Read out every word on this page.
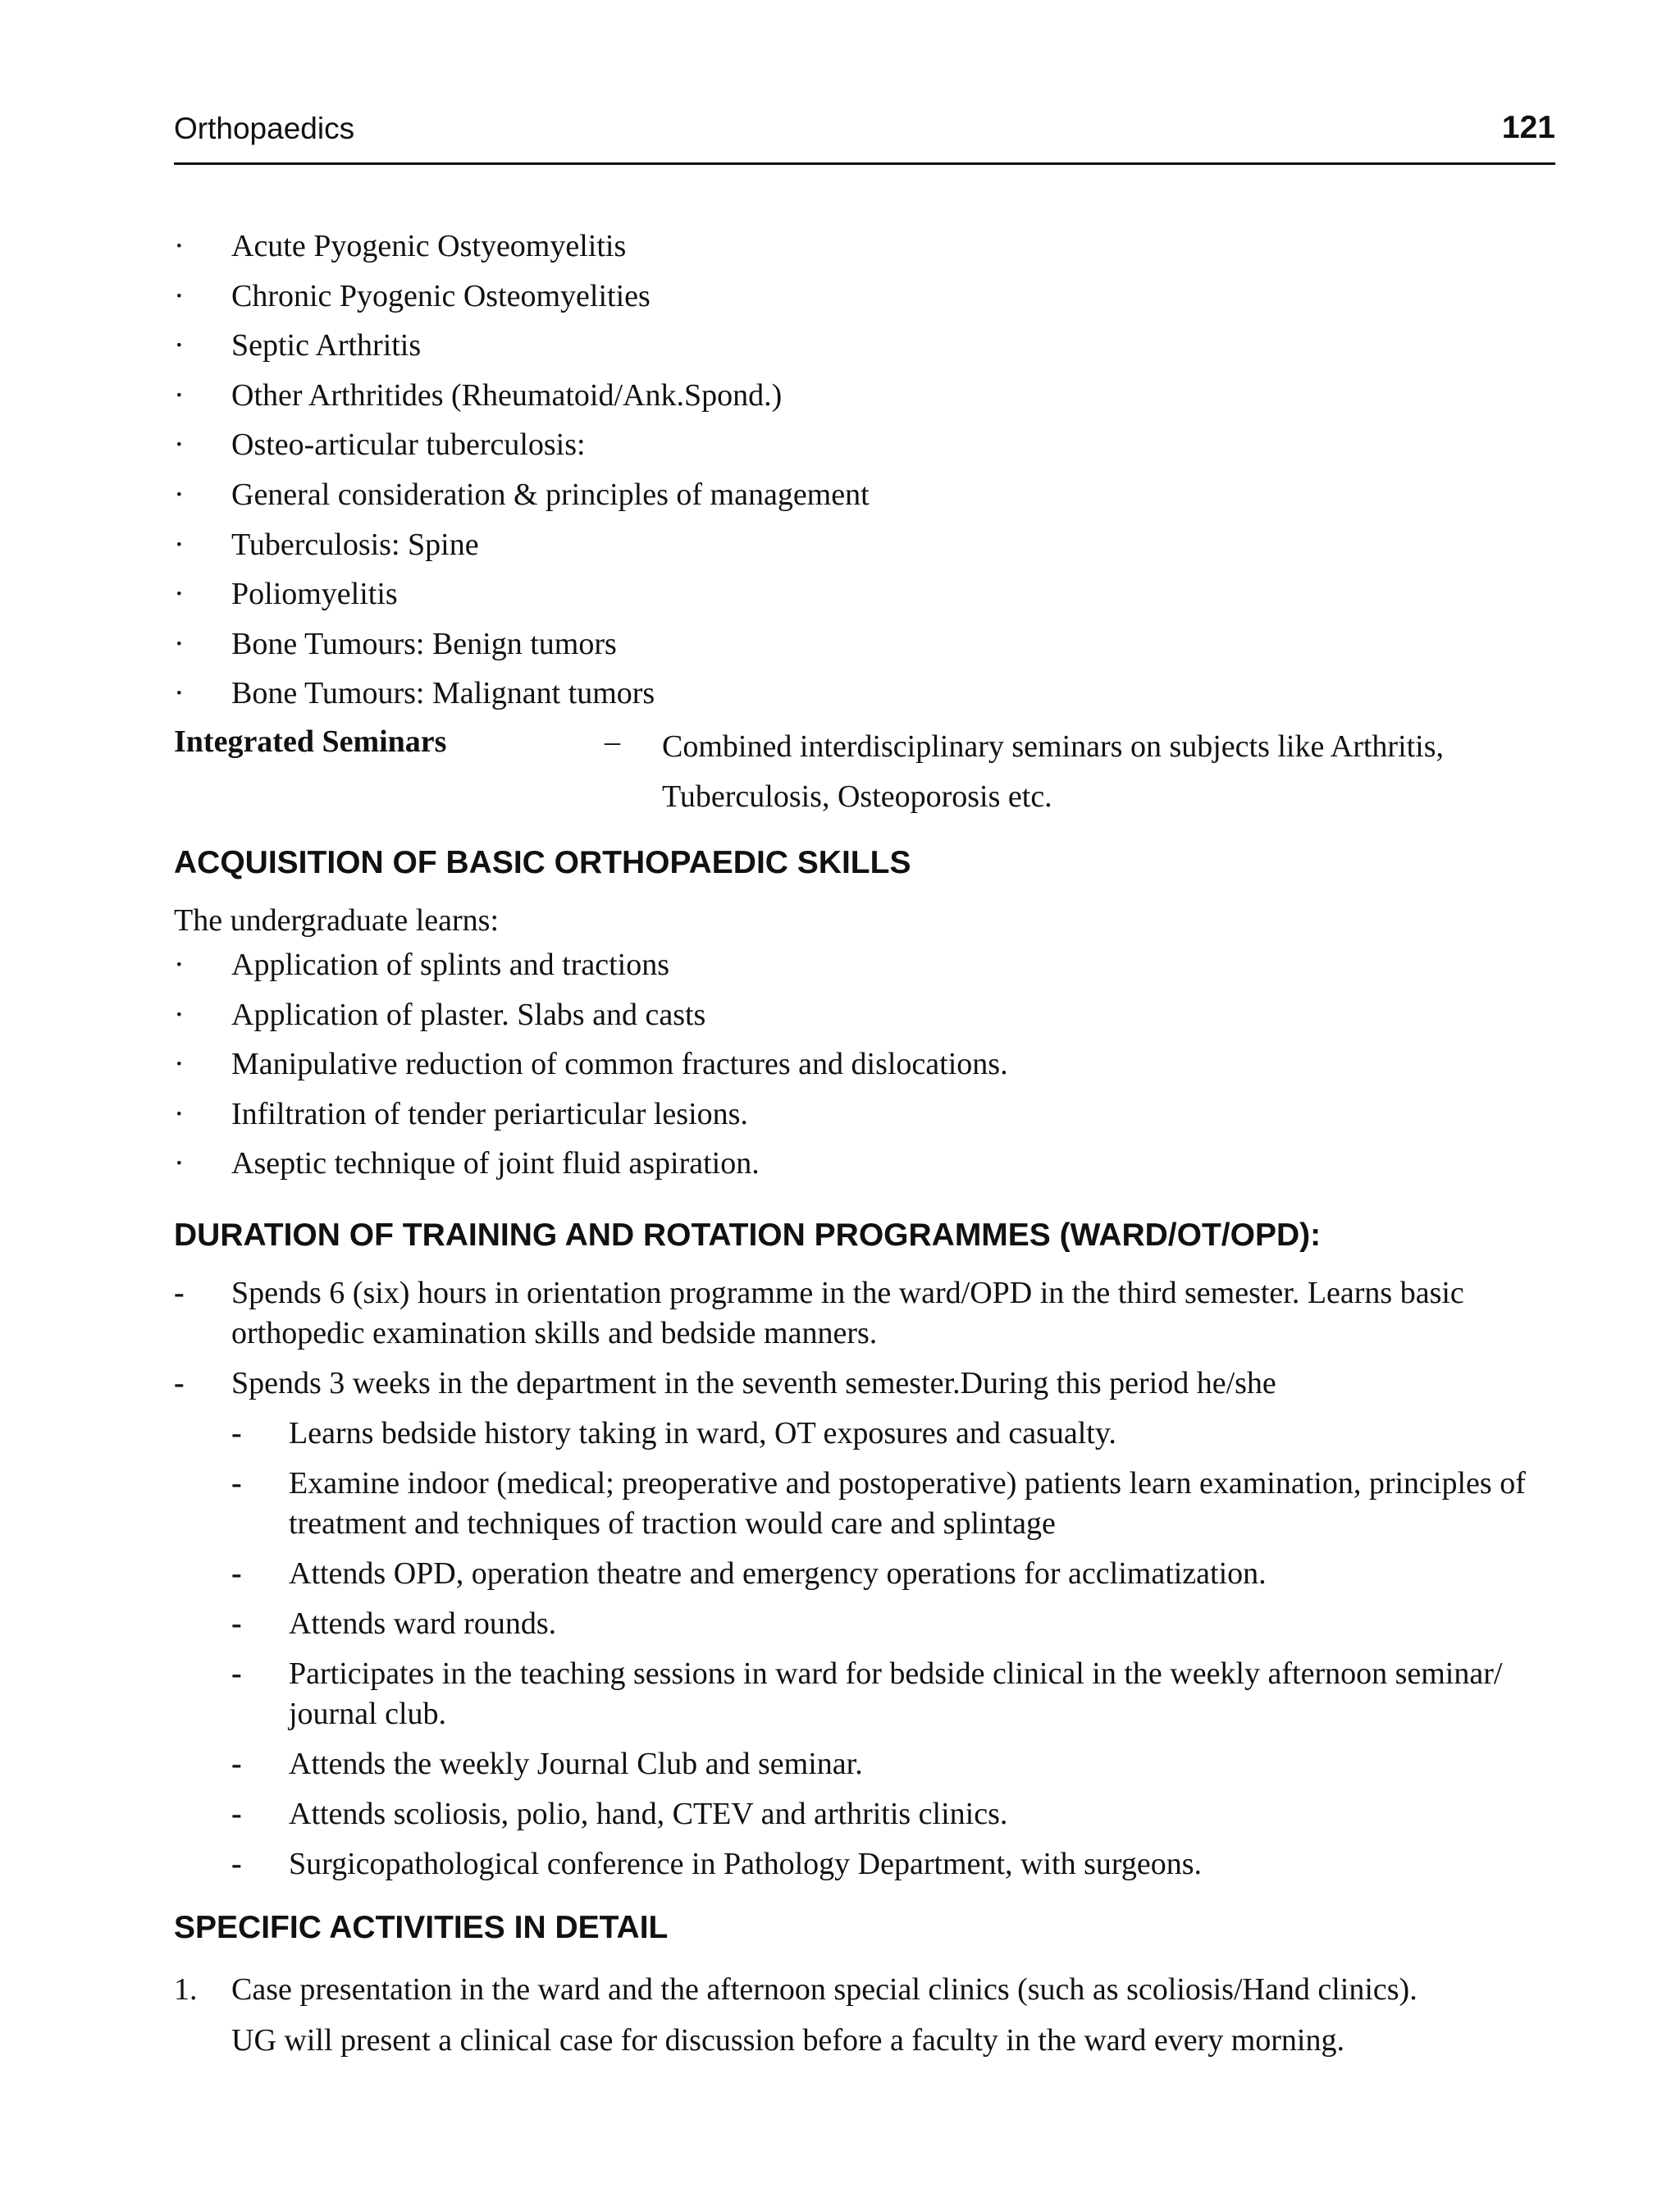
Orthopaedics	121
· Acute Pyogenic Ostyeomyelitis
· Chronic Pyogenic Osteomyelities
· Septic Arthritis
· Other Arthritides (Rheumatoid/Ank.Spond.)
· Osteo-articular tuberculosis:
· General consideration & principles of management
· Tuberculosis: Spine
· Poliomyelitis
· Bone Tumours: Benign tumors
· Bone Tumours: Malignant tumors
Integrated Seminars	– Combined interdisciplinary seminars on subjects like Arthritis, Tuberculosis, Osteoporosis etc.
ACQUISITION OF BASIC ORTHOPAEDIC SKILLS
The undergraduate learns:
· Application of splints and tractions
· Application of plaster. Slabs and casts
· Manipulative reduction of common fractures and dislocations.
· Infiltration of tender periarticular lesions.
· Aseptic technique of joint fluid aspiration.
DURATION OF TRAINING AND ROTATION PROGRAMMES (WARD/OT/OPD):
- Spends 6 (six) hours in orientation programme in the ward/OPD in the third semester. Learns basic orthopedic examination skills and bedside manners.
- Spends 3 weeks in the department in the seventh semester.During this period he/she
- Learns bedside history taking in ward, OT exposures and casualty.
- Examine indoor (medical; preoperative and postoperative) patients learn examination, principles of treatment and techniques of traction would care and splintage
- Attends OPD, operation theatre and emergency operations for acclimatization.
- Attends ward rounds.
- Participates in the teaching sessions in ward for bedside clinical in the weekly afternoon seminar/ journal club.
- Attends the weekly Journal Club and seminar.
- Attends scoliosis, polio, hand, CTEV and arthritis clinics.
- Surgicopathological conference in Pathology Department, with surgeons.
SPECIFIC ACTIVITIES IN DETAIL
1. Case presentation in the ward and the afternoon special clinics (such as scoliosis/Hand clinics).
UG will present a clinical case for discussion before a faculty in the ward every morning.
